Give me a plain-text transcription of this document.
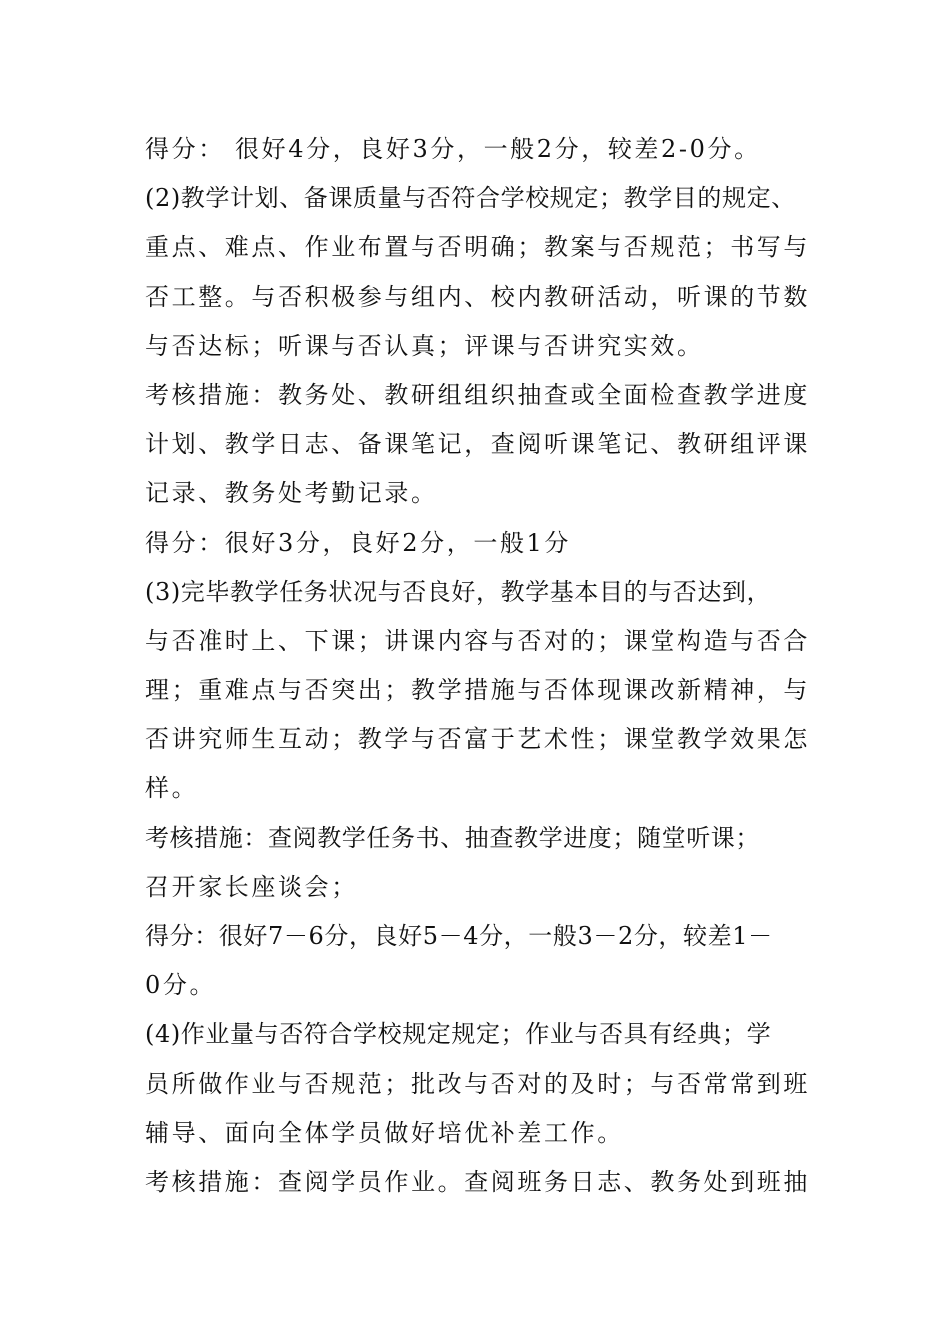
得分： 很好4分，良好3分，一般2分，较差2-0分。
(2)教学计划、备课质量与否符合学校规定；教学目的规定、
重点、难点、作业布置与否明确；教案与否规范；书写与
否工整。与否积极参与组内、校内教研活动，听课的节数
与否达标；听课与否认真；评课与否讲究实效。
考核措施：教务处、教研组组织抽查或全面检查教学进度
计划、教学日志、备课笔记，查阅听课笔记、教研组评课
记录、教务处考勤记录。
得分：很好3分，良好2分，一般1分
(3)完毕教学任务状况与否良好，教学基本目的与否达到，
与否准时上、下课；讲课内容与否对的；课堂构造与否合
理；重难点与否突出；教学措施与否体现课改新精神，与
否讲究师生互动；教学与否富于艺术性；课堂教学效果怎
样。
考核措施：查阅教学任务书、抽查教学进度；随堂听课；
召开家长座谈会；
得分：很好7－6分，良好5－4分，一般3－2分，较差1－
0分。
(4)作业量与否符合学校规定规定；作业与否具有经典；学
员所做作业与否规范；批改与否对的及时；与否常常到班
辅导、面向全体学员做好培优补差工作。
考核措施：查阅学员作业。查阅班务日志、教务处到班抽
